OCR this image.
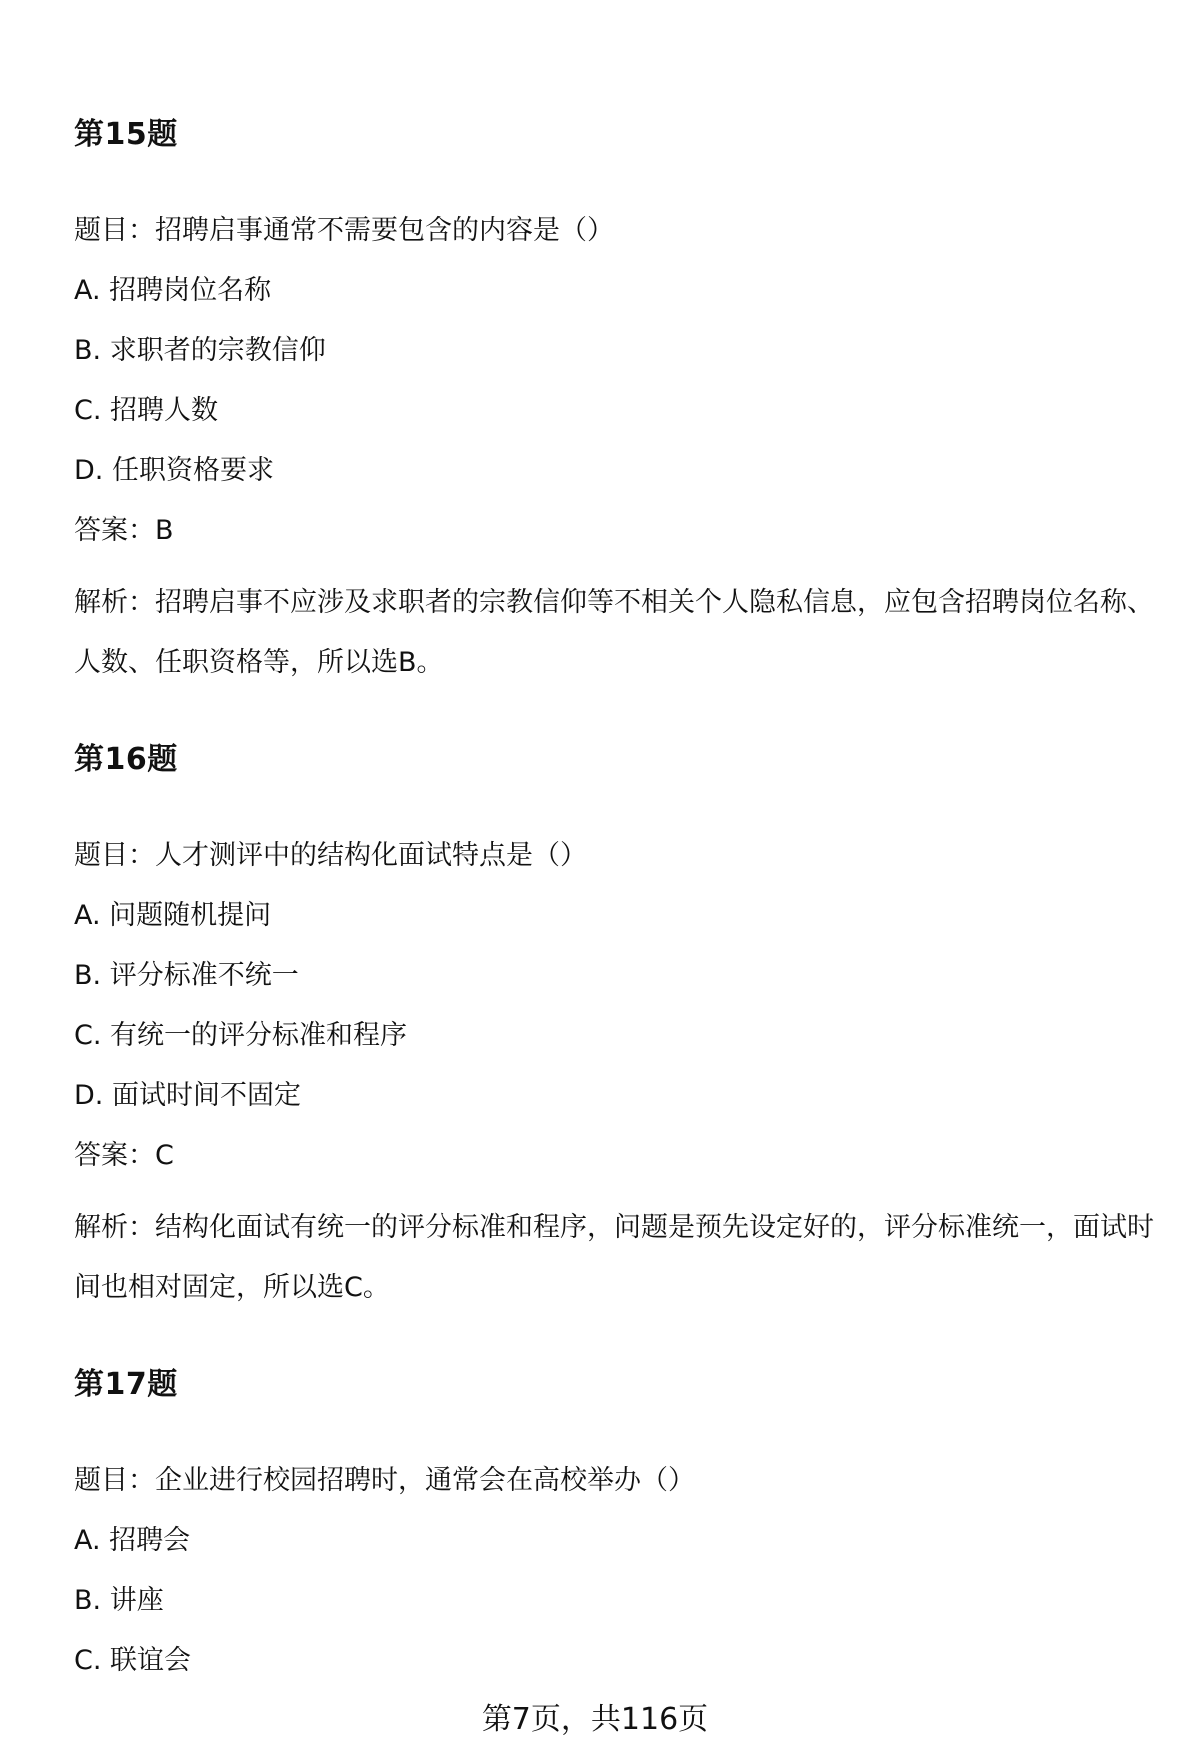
第15题

题目：招聘启事通常不需要包含的内容是（）

A. 招聘岗位名称

B. 求职者的宗教信仰

C. 招聘人数

D. 任职资格要求

答案：B

解析：招聘启事不应涉及求职者的宗教信仰等不相关个人隐私信息，应包含招聘岗位名称、人数、任职资格等，所以选B。

第16题

题目：人才测评中的结构化面试特点是（）

A. 问题随机提问

B. 评分标准不统一

C. 有统一的评分标准和程序

D. 面试时间不固定

答案：C

解析：结构化面试有统一的评分标准和程序，问题是预先设定好的，评分标准统一，面试时间也相对固定，所以选C。

第17题

题目：企业进行校园招聘时，通常会在高校举办（）

A. 招聘会

B. 讲座

C. 联谊会

第7页，共116页
